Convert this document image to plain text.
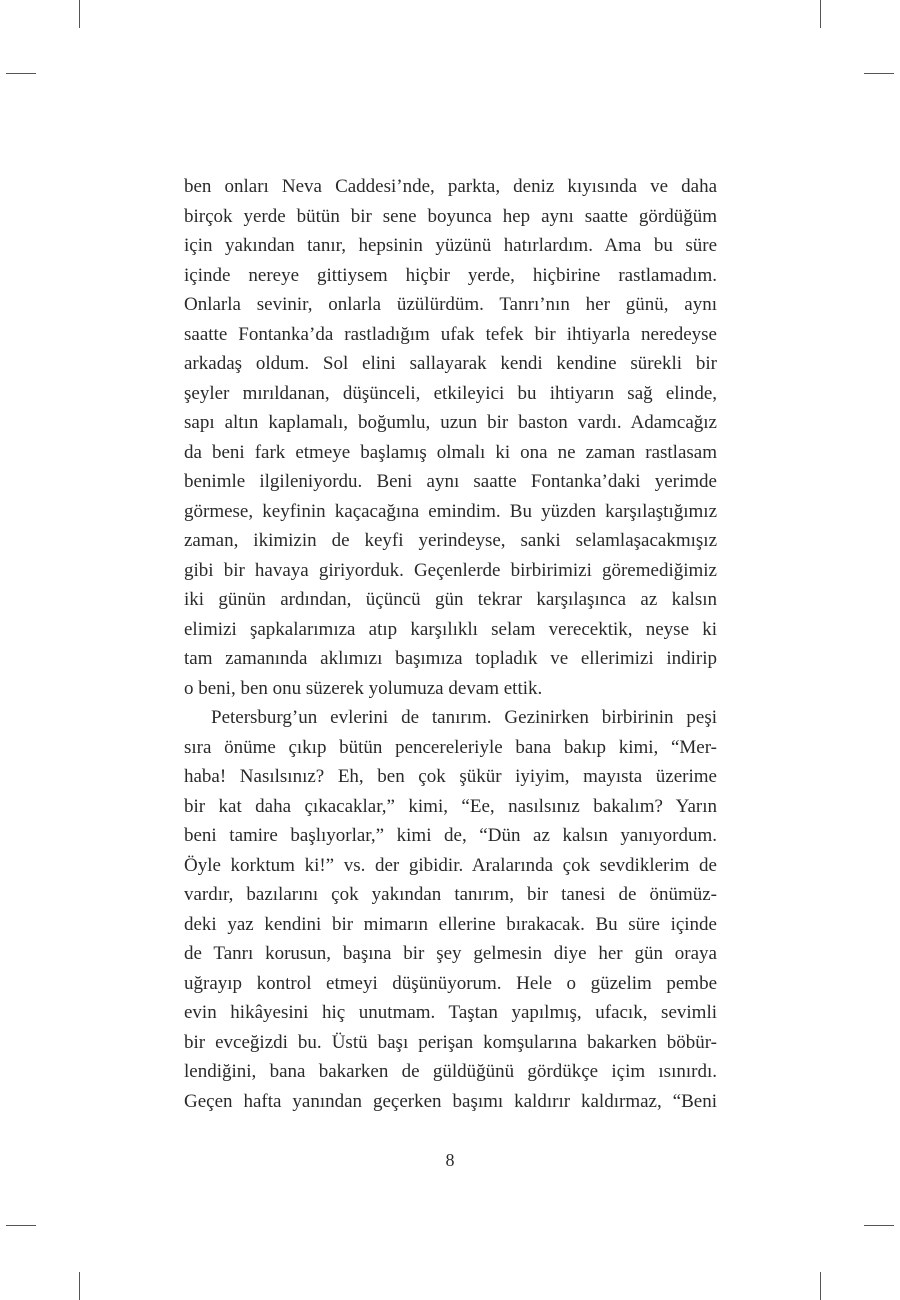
ben onları Neva Caddesi’nde, parkta, deniz kıyısında ve daha
birçok yerde bütün bir sene boyunca hep aynı saatte gördüğüm
için yakından tanır, hepsinin yüzünü hatırlardım. Ama bu süre
içinde nereye gittiysem hiçbir yerde, hiçbirine rastlamadım.
Onlarla sevinir, onlarla üzülürdüm. Tanrı’nın her günü, aynı
saatte Fontanka’da rastladığım ufak tefek bir ihtiyarla neredeyse
arkadaş oldum. Sol elini sallayarak kendi kendine sürekli bir
şeyler mırıldanan, düşünceli, etkileyici bu ihtiyarın sağ elinde,
sapı altın kaplamalı, boğumlu, uzun bir baston vardı. Adamcağız
da beni fark etmeye başlamış olmalı ki ona ne zaman rastlasam
benimle ilgileniyordu. Beni aynı saatte Fontanka’daki yerimde
görmese, keyfinin kaçacağına emindim. Bu yüzden karşılaştığımız
zaman, ikimizin de keyfi yerindeyse, sanki selamlaşacakmışız
gibi bir havaya giriyorduk. Geçenlerde birbirimizi göremediğimiz
iki günün ardından, üçüncü gün tekrar karşılaşınca az kalsın
elimizi şapkalarımıza atıp karşılıklı selam verecektik, neyse ki
tam zamanında aklımızı başımıza topladık ve ellerimizi indirip
o beni, ben onu süzerek yolumuza devam ettik.
Petersburg’un evlerini de tanırım. Gezinirken birbirinin peşi
sıra önüme çıkıp bütün pencereleriyle bana bakıp kimi, “Mer-
haba! Nasılsınız? Eh, ben çok şükür iyiyim, mayısta üzerime
bir kat daha çıkacaklar,” kimi, “Ee, nasılsınız bakalım? Yarın
beni tamire başlıyorlar,” kimi de, “Dün az kalsın yanıyordum.
Öyle korktum ki!” vs. der gibidir. Aralarında çok sevdiklerim de
vardır, bazılarını çok yakından tanırım, bir tanesi de önümüz-
deki yaz kendini bir mimarın ellerine bırakacak. Bu süre içinde
de Tanrı korusun, başına bir şey gelmesin diye her gün oraya
uğrayıp kontrol etmeyi düşünüyorum. Hele o güzelim pembe
evin hikâyesini hiç unutmam. Taştan yapılmış, ufacık, sevimli
bir evceğizdi bu. Üstü başı perişan komşularına bakarken böbür-
lendiğini, bana bakarken de güldüğünü gördükçe içim ısınırdı.
Geçen hafta yanından geçerken başımı kaldırır kaldırmaz, “Beni
8
